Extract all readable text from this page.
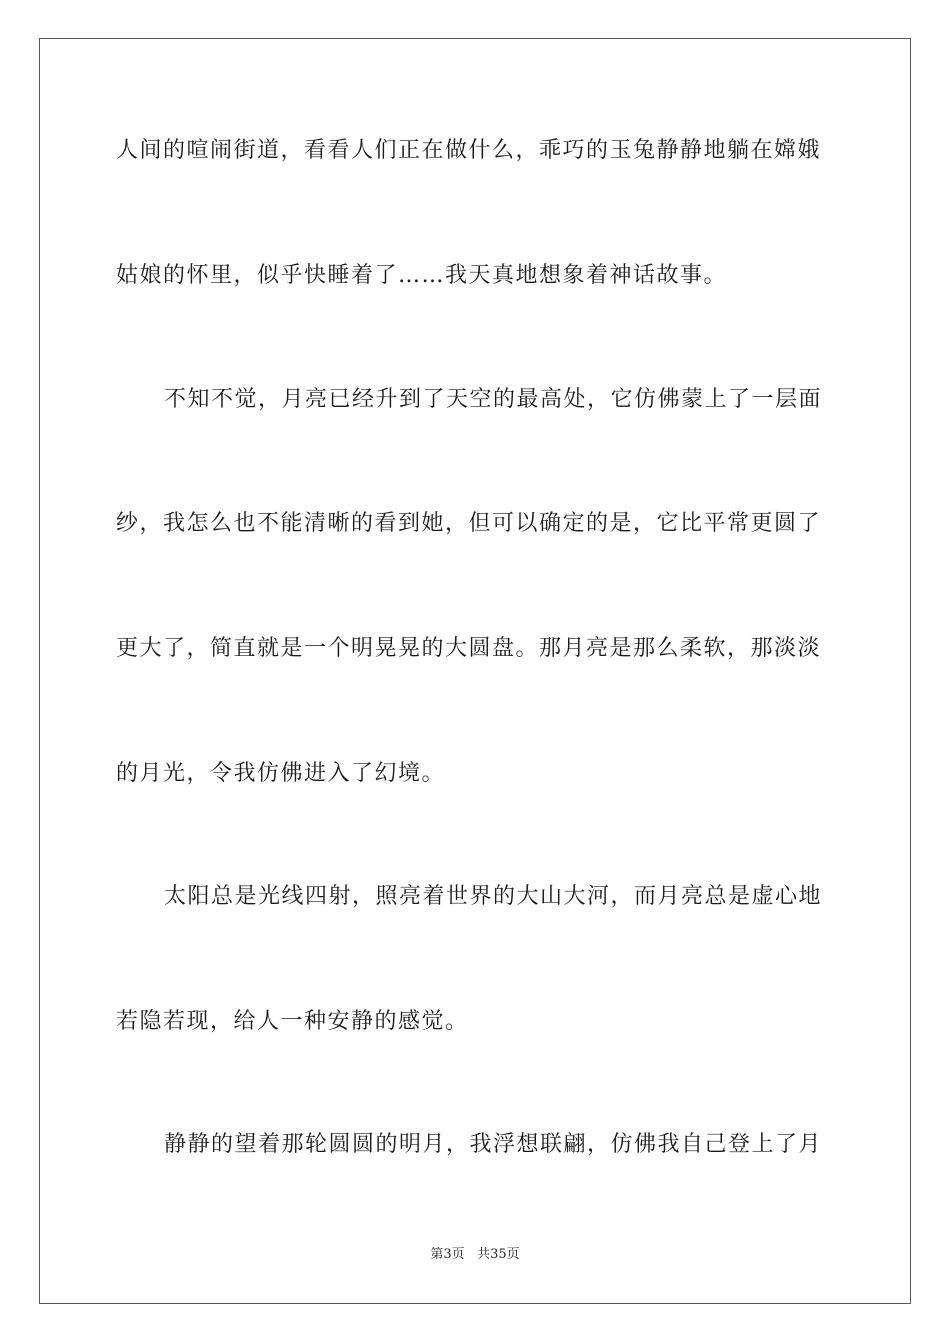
人间的喧闹街道，看看人们正在做什么，乖巧的玉兔静静地躺在嫦娥
姑娘的怀里，似乎快睡着了……我天真地想象着神话故事。
不知不觉，月亮已经升到了天空的最高处，它仿佛蒙上了一层面
纱，我怎么也不能清晰的看到她，但可以确定的是，它比平常更圆了
更大了，简直就是一个明晃晃的大圆盘。那月亮是那么柔软，那淡淡
的月光，令我仿佛进入了幻境。
太阳总是光线四射，照亮着世界的大山大河，而月亮总是虚心地
若隐若现，给人一种安静的感觉。
静静的望着那轮圆圆的明月，我浮想联翩，仿佛我自己登上了月
第3页 共35页
